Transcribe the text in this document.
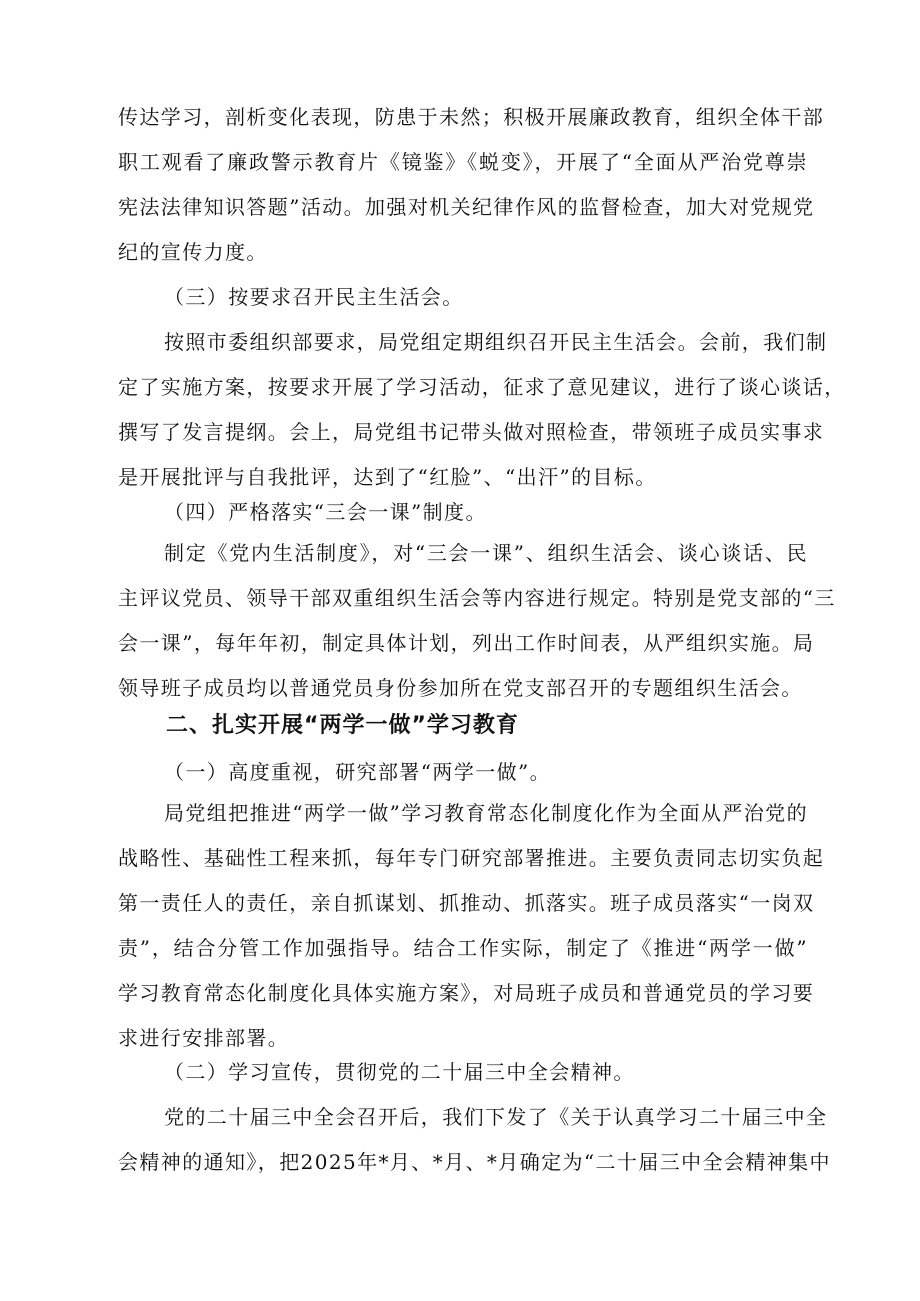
传达学习，剖析变化表现，防患于未然；积极开展廉政教育，组织全体干部
职工观看了廉政警示教育片《镜鉴》《蜕变》，开展了“全面从严治党尊崇
宪法法律知识答题”活动。加强对机关纪律作风的监督检查，加大对党规党
纪的宣传力度。
（三）按要求召开民主生活会。
按照市委组织部要求，局党组定期组织召开民主生活会。会前，我们制
定了实施方案，按要求开展了学习活动，征求了意见建议，进行了谈心谈话，
撰写了发言提纲。会上，局党组书记带头做对照检查，带领班子成员实事求
是开展批评与自我批评，达到了“红脸”、“出汗”的目标。
（四）严格落实“三会一课”制度。
制定《党内生活制度》，对“三会一课”、组织生活会、谈心谈话、民
主评议党员、领导干部双重组织生活会等内容进行规定。特别是党支部的“三
会一课”，每年年初，制定具体计划，列出工作时间表，从严组织实施。局
领导班子成员均以普通党员身份参加所在党支部召开的专题组织生活会。
二、扎实开展“两学一做”学习教育
（一）高度重视，研究部署“两学一做”。
局党组把推进“两学一做”学习教育常态化制度化作为全面从严治党的
战略性、基础性工程来抓，每年专门研究部署推进。主要负责同志切实负起
第一责任人的责任，亲自抓谋划、抓推动、抓落实。班子成员落实“一岗双
责”，结合分管工作加强指导。结合工作实际，制定了《推进“两学一做”
学习教育常态化制度化具体实施方案》，对局班子成员和普通党员的学习要
求进行安排部署。
（二）学习宣传，贯彻党的二十届三中全会精神。
党的二十届三中全会召开后，我们下发了《关于认真学习二十届三中全
会精神的通知》，把2025年*月、*月、*月确定为“二十届三中全会精神集中
